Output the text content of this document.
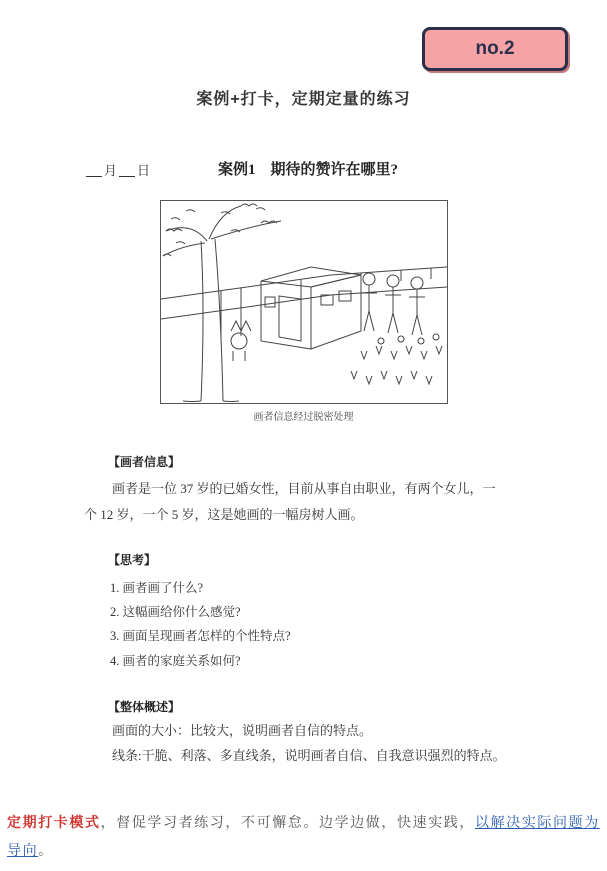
no.2
案例+打卡，定期定量的练习
月 日	案例1　期待的赞许在哪里?
画者信息经过脱密处理
【画者信息】
画者是一位 37 岁的已婚女性，目前从事自由职业，有两个女儿，一
个 12 岁，一个 5 岁，这是她画的一幅房树人画。
【思考】
1. 画者画了什么?
2. 这幅画给你什么感觉?
3. 画面呈现画者怎样的个性特点?
4. 画者的家庭关系如何?
【整体概述】
画面的大小：比较大，说明画者自信的特点。
线条:干脆、利落、多直线条，说明画者自信、自我意识强烈的特点。
定期打卡模式，督促学习者练习，不可懈怠。边学边做，快速实践，以解决实际问题为导向。
